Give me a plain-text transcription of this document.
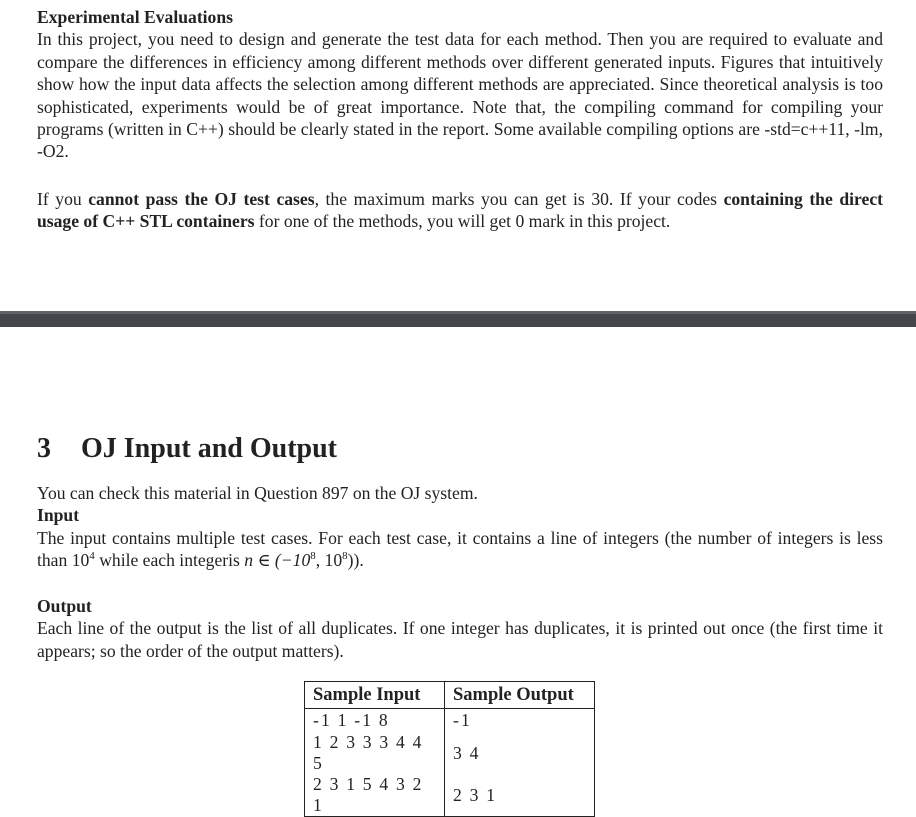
Experimental Evaluations

In this project, you need to design and generate the test data for each method. Then you are required to evaluate and compare the differences in efficiency among different methods over different generated inputs. Figures that intuitively show how the input data affects the selection among different methods are appreciated. Since theoretical analysis is too sophisticated, experiments would be of great importance. Note that, the compiling command for compiling your programs (written in C++) should be clearly stated in the report. Some available compiling options are -std=c++11, -lm, -O2.

If you cannot pass the OJ test cases, the maximum marks you can get is 30. If your codes containing the direct usage of C++ STL containers for one of the methods, you will get 0 mark in this project.
3 OJ Input and Output
You can check this material in Question 897 on the OJ system.
Input

The input contains multiple test cases. For each test case, it contains a line of integers (the number of integers is less than $10^4$ while each integeris n ∈ ($-10^8$, $10^8$)).

Output

Each line of the output is the list of all duplicates. If one integer has duplicates, it is printed out once (the first time it appears; so the order of the output matters).

Sample Input	Sample Output
-1 1 -1 8	-1
1 2 3 3 3 4 4 5	3 4
2 3 1 5 4 3 2 1	2 3 1
